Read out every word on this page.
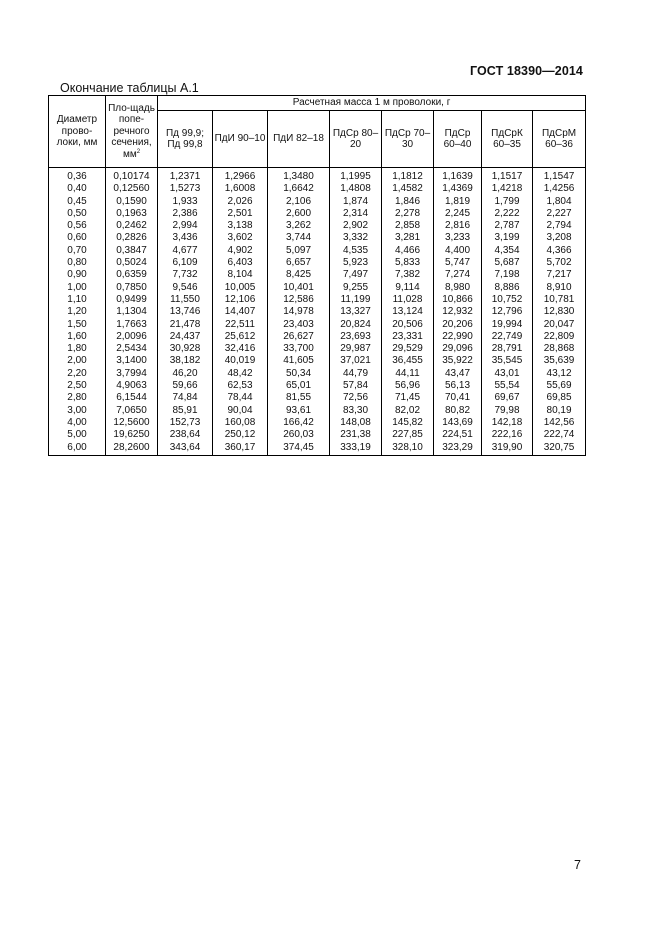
ГОСТ 18390—2014
Окончание таблицы А.1
Диаметр прово-локи, мм	Пло-щадь попе-речного сечения, $мм^2$	Расчетная масса 1 м проволоки, г							
		Пд 99,9; Пд 99,8	ПдИ 90–10	ПдИ 82–18	ПдСр 80–20	ПдСр 70–30	ПдСр 60–40	ПдСрК 60–35	ПдСрМ 60–36
0,36	0,10174	1,2371	1,2966	1,3480	1,1995	1,1812	1,1639	1,1517	1,1547
0,40	0,12560	1,5273	1,6008	1,6642	1,4808	1,4582	1,4369	1,4218	1,4256
0,45	0,1590	1,933	2,026	2,106	1,874	1,846	1,819	1,799	1,804
0,50	0,1963	2,386	2,501	2,600	2,314	2,278	2,245	2,222	2,227
0,56	0,2462	2,994	3,138	3,262	2,902	2,858	2,816	2,787	2,794
0,60	0,2826	3,436	3,602	3,744	3,332	3,281	3,233	3,199	3,208
0,70	0,3847	4,677	4,902	5,097	4,535	4,466	4,400	4,354	4,366
0,80	0,5024	6,109	6,403	6,657	5,923	5,833	5,747	5,687	5,702
0,90	0,6359	7,732	8,104	8,425	7,497	7,382	7,274	7,198	7,217
1,00	0,7850	9,546	10,005	10,401	9,255	9,114	8,980	8,886	8,910
1,10	0,9499	11,550	12,106	12,586	11,199	11,028	10,866	10,752	10,781
1,20	1,1304	13,746	14,407	14,978	13,327	13,124	12,932	12,796	12,830
1,50	1,7663	21,478	22,511	23,403	20,824	20,506	20,206	19,994	20,047
1,60	2,0096	24,437	25,612	26,627	23,693	23,331	22,990	22,749	22,809
1,80	2,5434	30,928	32,416	33,700	29,987	29,529	29,096	28,791	28,868
2,00	3,1400	38,182	40,019	41,605	37,021	36,455	35,922	35,545	35,639
2,20	3,7994	46,20	48,42	50,34	44,79	44,11	43,47	43,01	43,12
2,50	4,9063	59,66	62,53	65,01	57,84	56,96	56,13	55,54	55,69
2,80	6,1544	74,84	78,44	81,55	72,56	71,45	70,41	69,67	69,85
3,00	7,0650	85,91	90,04	93,61	83,30	82,02	80,82	79,98	80,19
4,00	12,5600	152,73	160,08	166,42	148,08	145,82	143,69	142,18	142,56
5,00	19,6250	238,64	250,12	260,03	231,38	227,85	224,51	222,16	222,74
6,00	28,2600	343,64	360,17	374,45	333,19	328,10	323,29	319,90	320,75
7
